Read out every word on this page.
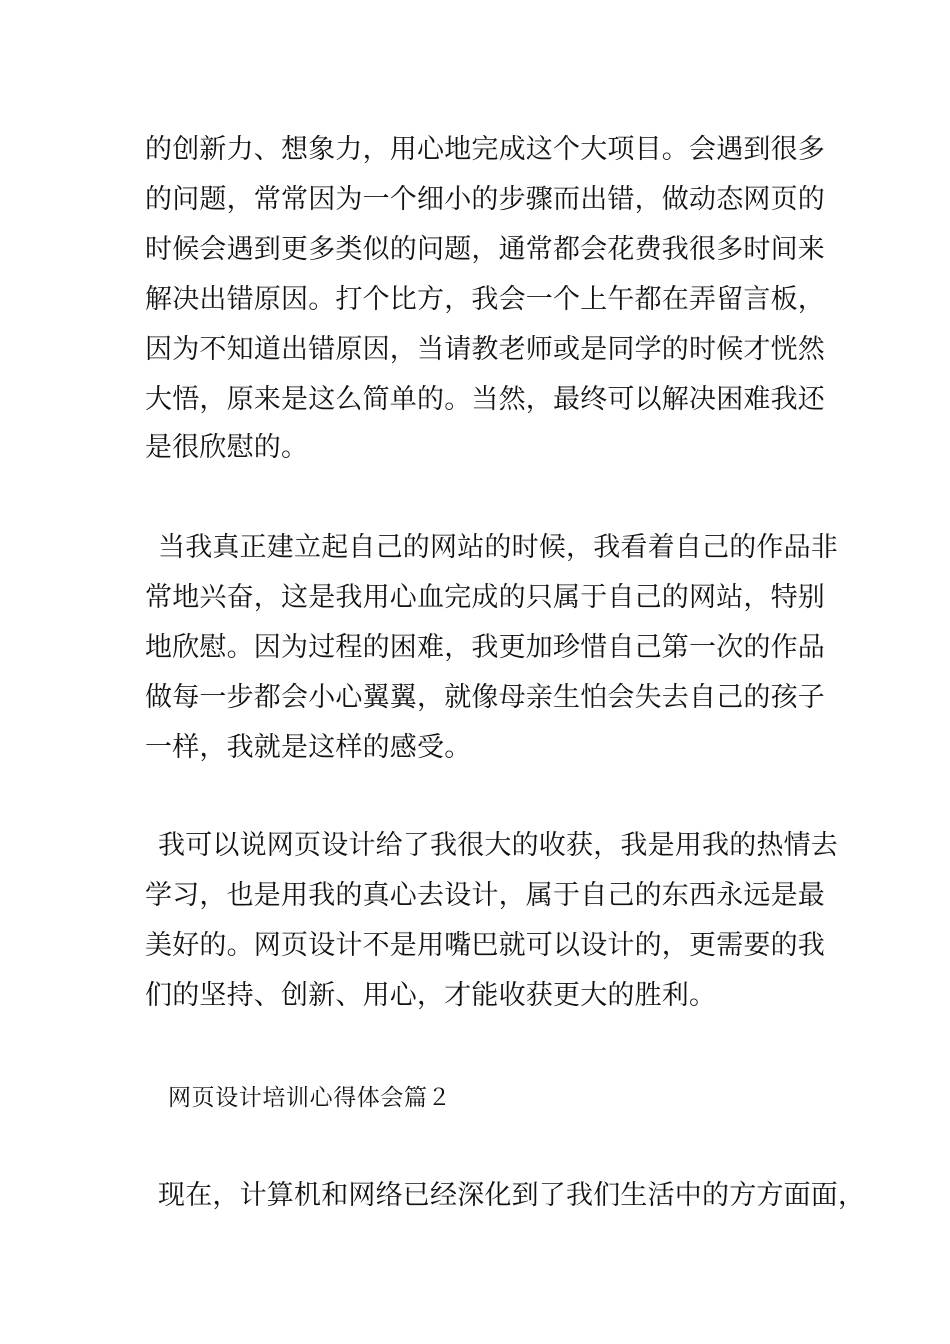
的创新力、想象力，用心地完成这个大项目。会遇到很多
的问题，常常因为一个细小的步骤而出错，做动态网页的
时候会遇到更多类似的问题，通常都会花费我很多时间来
解决出错原因。打个比方，我会一个上午都在弄留言板，
因为不知道出错原因，当请教老师或是同学的时候才恍然
大悟，原来是这么简单的。当然，最终可以解决困难我还
是很欣慰的。
当我真正建立起自己的网站的时候，我看着自己的作品非
常地兴奋，这是我用心血完成的只属于自己的网站，特别
地欣慰。因为过程的困难，我更加珍惜自己第一次的作品
做每一步都会小心翼翼，就像母亲生怕会失去自己的孩子
一样，我就是这样的感受。
我可以说网页设计给了我很大的收获，我是用我的热情去
学习，也是用我的真心去设计，属于自己的东西永远是最
美好的。网页设计不是用嘴巴就可以设计的，更需要的我
们的坚持、创新、用心，才能收获更大的胜利。
网页设计培训心得体会篇２
现在，计算机和网络已经深化到了我们生活中的方方面面，
